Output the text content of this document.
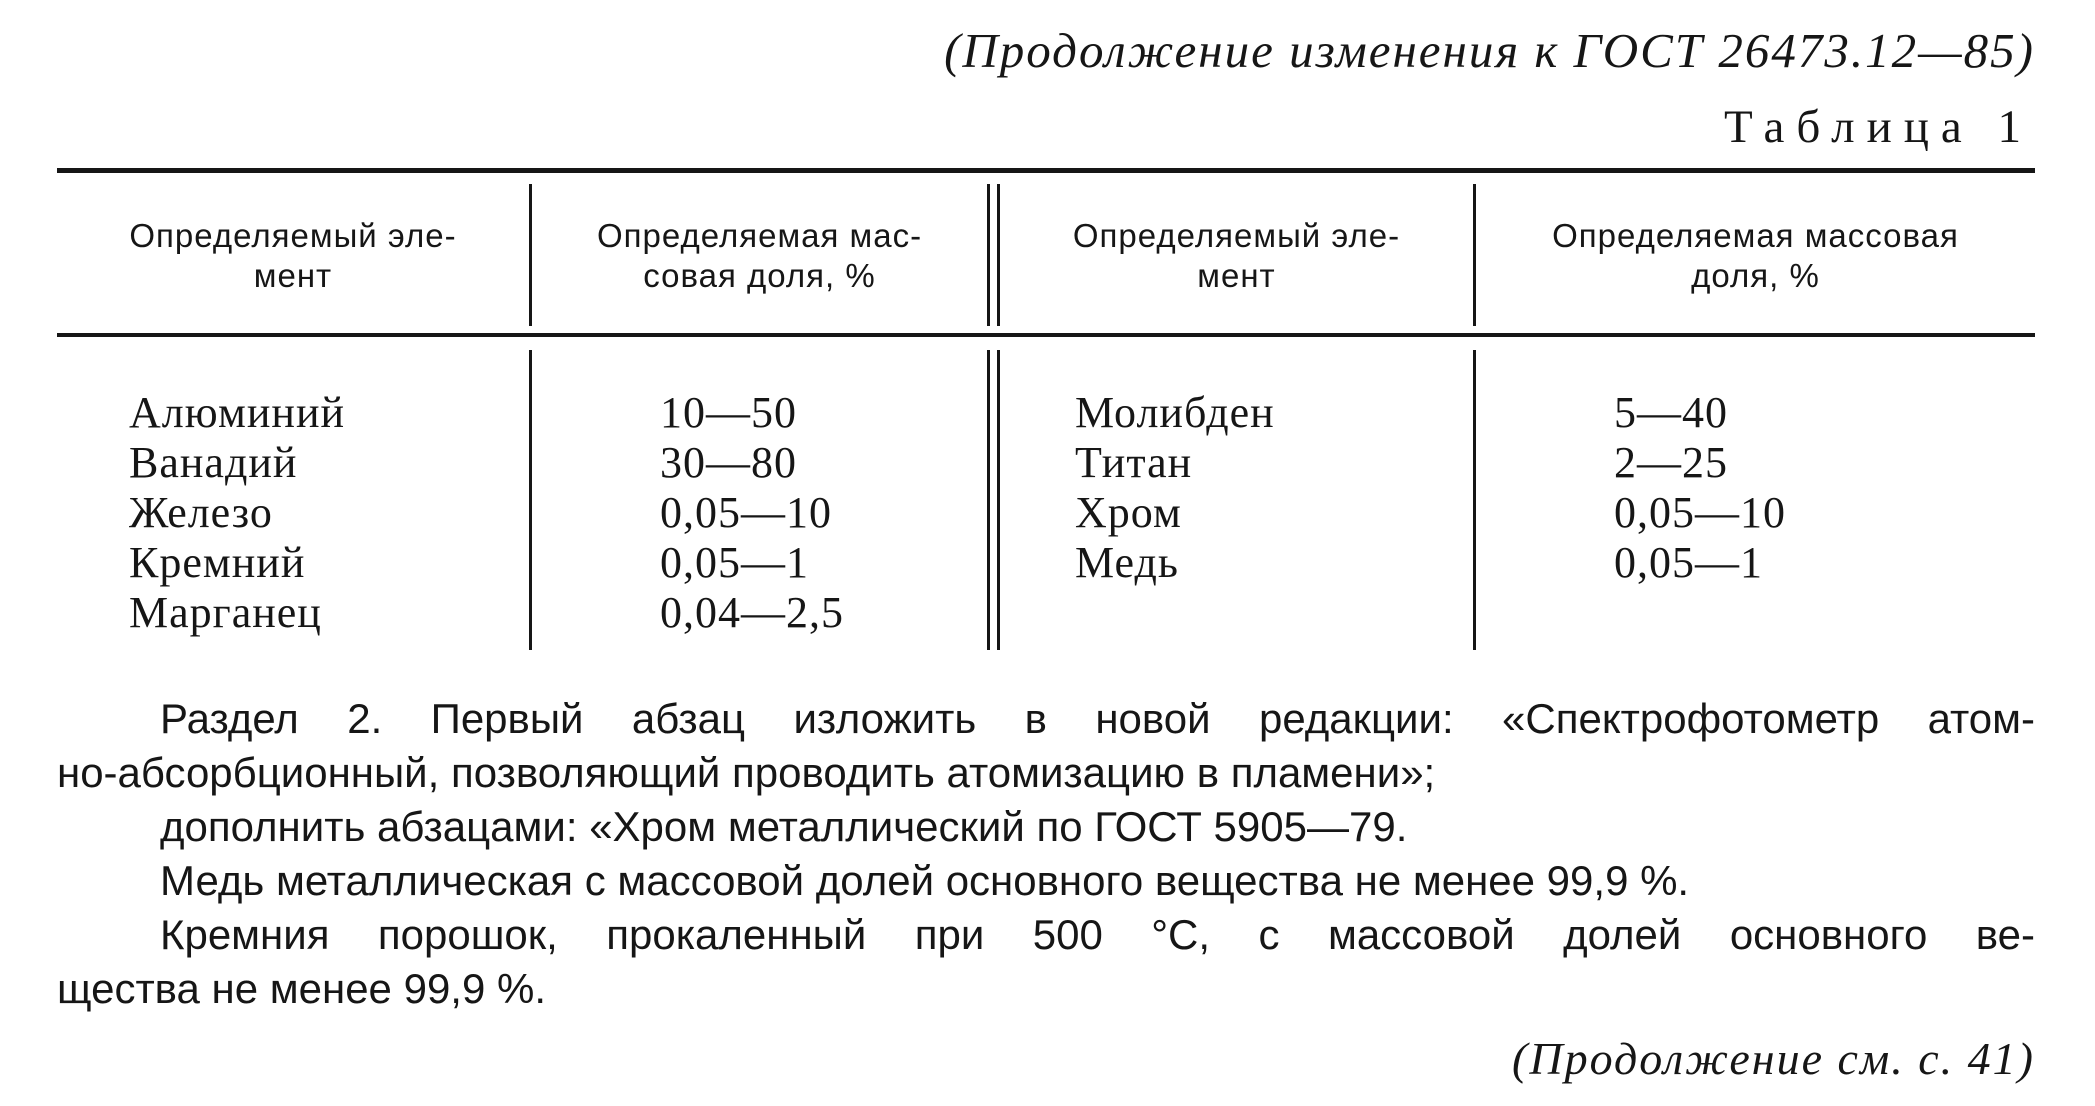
(Продолжение изменения к ГОСТ 26473.12—85)
Таблица 1
Определяемый эле-
мент
Определяемая мас-
совая доля, %
Определяемый эле-
мент
Определяемая массовая
доля, %
Алюминий
Ванадий
Железо
Кремний
Марганец
10—50
30—80
0,05—10
0,05—1
0,04—2,5
Молибден
Титан
Хром
Медь
5—40
2—25
0,05—10
0,05—1
Раздел 2. Первый абзац изложить в новой редакции: «Спектрофотометр атом-
но-абсорбционный, позволяющий проводить атомизацию в пламени»;
дополнить абзацами: «Хром металлический по ГОСТ 5905—79.
Медь металлическая с массовой долей основного вещества не менее 99,9 %.
Кремния порошок, прокаленный при 500 °С, с массовой долей основного ве-
щества не менее 99,9 %.
(Продолжение см. с. 41)
